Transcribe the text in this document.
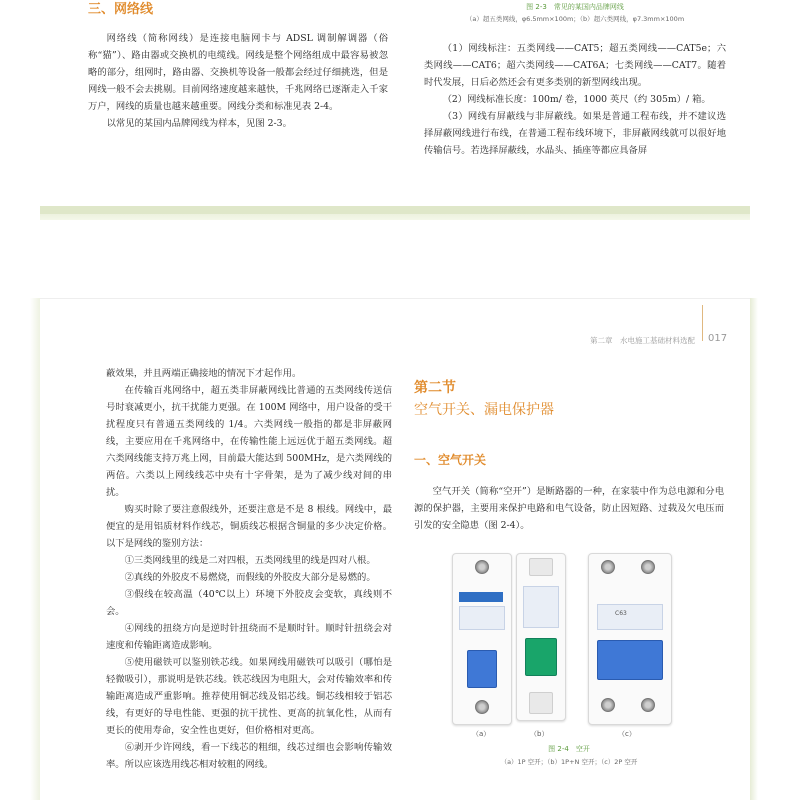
三、网络线

网络线（简称网线）是连接电脑网卡与 ADSL 调制解调器（俗称“猫”）、路由器或交换机的电缆线。网线是整个网络组成中最容易被忽略的部分，组网时，路由器、交换机等设备一般都会经过仔细挑选，但是网线一般不会去挑剔。目前网络速度越来越快，千兆网络已逐渐走入千家万户，网线的质量也越来越重要。网线分类和标准见表 2-4。

以常见的某国内品牌网线为样本，见图 2-3。

图 2-3　常见的某国内品牌网线
（a）超五类网线，φ6.5mm×100m；（b）超六类网线，φ7.3mm×100m

（1）网线标注：五类网线——CAT5；超五类网线——CAT5e；六类网线——CAT6；超六类网线——CAT6A；七类网线——CAT7。随着时代发展，日后必然还会有更多类别的新型网线出现。

（2）网线标准长度：100m/ 卷，1000 英尺（约 305m）/ 箱。

（3）网线有屏蔽线与非屏蔽线。如果是普通工程布线，并不建议选择屏蔽网线进行布线，在普通工程布线环境下，非屏蔽网线就可以很好地传输信号。若选择屏蔽线，水晶头、插座等都应具备屏

第二章　水电施工基础材料选配 017

蔽效果，并且两端正确接地的情况下才起作用。

在传输百兆网络中，超五类非屏蔽网线比普通的五类网线传送信号时衰减更小，抗干扰能力更强。在 100M 网络中，用户设备的受干扰程度只有普通五类网线的 1/4。六类网线一般指的都是非屏蔽网线，主要应用在千兆网络中，在传输性能上远远优于超五类网线。超六类网线能支持万兆上网，目前最大能达到 500MHz，是六类网线的两倍。六类以上网线线芯中央有十字骨架，是为了减少线对间的串扰。

购买时除了要注意假线外，还要注意是不是 8 根线。网线中，最便宜的是用铝质材料作线芯，铜质线芯根据含铜量的多少决定价格。以下是网线的鉴别方法：

①三类网线里的线是二对四根，五类网线里的线是四对八根。

②真线的外胶皮不易燃烧，而假线的外胶皮大部分是易燃的。

③假线在较高温（40℃以上）环境下外胶皮会变软，真线则不会。

④网线的扭绕方向是逆时针扭绕而不是顺时针。顺时针扭绕会对速度和传输距离造成影响。

⑤使用磁铁可以鉴别铁芯线。如果网线用磁铁可以吸引（哪怕是轻微吸引），那说明是铁芯线。铁芯线因为电阻大，会对传输效率和传输距离造成严重影响。推荐使用铜芯线及铝芯线。铜芯线相较于铝芯线，有更好的导电性能、更强的抗干扰性、更高的抗氧化性，从而有更长的使用寿命，安全性也更好，但价格相对更高。

⑥剥开少许网线，看一下线芯的粗细，线芯过细也会影响传输效率。所以应该选用线芯相对较粗的网线。

第二节
空气开关、漏电保护器
一、空气开关

空气开关（简称“空开”）是断路器的一种，在家装中作为总电源和分电源的保护器，主要用来保护电路和电气设备，防止因短路、过载及欠电压而引发的安全隐患（图 2-4）。

C63
（a）	（b）	（c）
图 2-4　空开
（a）1P 空开；（b）1P+N 空开；（c）2P 空开
